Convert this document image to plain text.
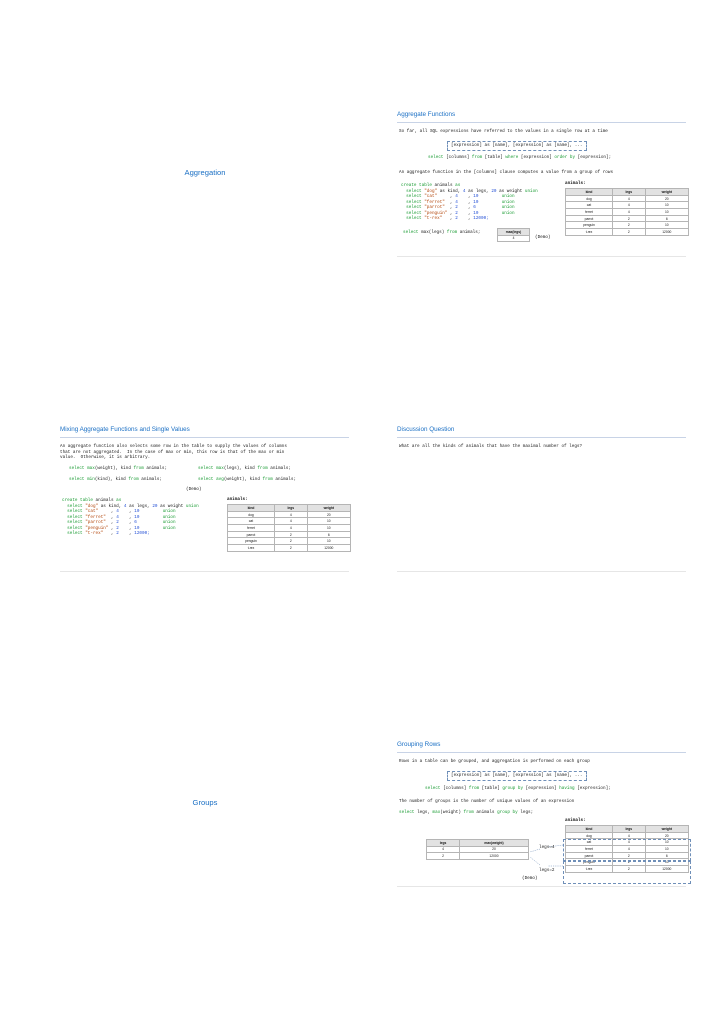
Aggregation
Aggregate Functions
So far, all SQL expressions have referred to the values in a single row at a time
[expression] as [name], [expression] as [name], ...
select [columns] from [table] where [expression] order by [expression];
An aggregate function in the [columns] clause computes a value from a group of rows
create table animals as
select "dog" as kind, 4 as legs, 20 as weight union
select "cat"     , 4    , 10	union
select "ferret"  , 4    , 10	union
select "parrot"  , 2    , 6	union
select "penguin" , 2    , 10	union
select "t-rex"   , 2    , 12000;
select max(legs) from animals;	max(legs)
4	(Demo)
animals:
kind	legs	weight
dog	4	20
cat	4	10
ferret	4	10
parrot	2	6
penguin	2	10
t-rex	2	12000
Mixing Aggregate Functions and Single Values
An aggregate function also selects some row in the table to supply the values of columns
that are not aggregated.  In the case of max or min, this row is that of the max or min
value.  Otherwise, it is arbitrary.
select max(weight), kind from animals;	select max(legs), kind from animals;
select min(kind), kind from animals;	select avg(weight), kind from animals;
(Demo)
create table animals as
select "dog" as kind, 4 as legs, 20 as weight union
select "cat"     , 4    , 10	union
select "ferret"  , 4    , 10	union
select "parrot"  , 2    , 6	union
select "penguin" , 2    , 10	union
select "t-rex"   , 2    , 12000;
animals:
kind	legs	weight
dog	4	20
cat	4	10
ferret	4	10
parrot	2	6
penguin	2	10
t-rex	2	12000
Discussion Question
What are all the kinds of animals that have the maximal number of legs?
Groups
Grouping Rows
Rows in a table can be grouped, and aggregation is performed on each group
[expression] as [name], [expression] as [name], ...
select [columns] from [table] group by [expression] having [expression];
The number of groups is the number of unique values of an expression
select legs, max(weight) from animals group by legs;
animals:
kind	legs	weight
dog	4	20
cat	4	10
ferret	4	10
parrot	2	6
penguin	2	10
t-rex	2	12000
legs	max(weight)
4	20
2	12000
legs=4
legs=2
(Demo)
